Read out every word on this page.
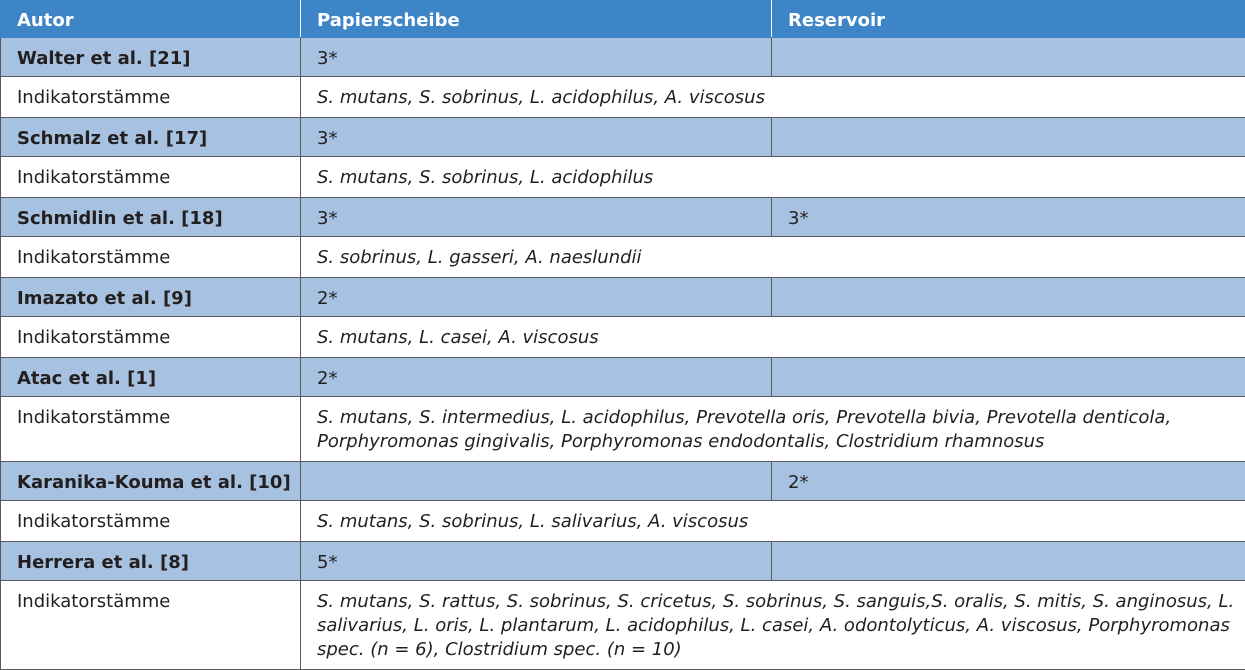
Autor	Papierscheibe	Reservoir
Walter et al. [21]	3*	
Indikatorstämme	S. mutans, S. sobrinus, L. acidophilus, A. viscosus	
Schmalz et al. [17]	3*	
Indikatorstämme	S. mutans, S. sobrinus, L. acidophilus	
Schmidlin et al. [18]	3*	3*
Indikatorstämme	S. sobrinus, L. gasseri, A. naeslundii	
Imazato et al. [9]	2*	
Indikatorstämme	S. mutans, L. casei, A. viscosus	
Atac et al. [1]	2*	
Indikatorstämme	S. mutans, S. intermedius, L. acidophilus, Prevotella oris, Prevotella bivia, Prevotella denticola, Porphyromonas gingivalis, Porphyromonas endodontalis, Clostridium rhamnosus	
Karanika-Kouma et al. [10]		2*
Indikatorstämme	S. mutans, S. sobrinus, L. salivarius, A. viscosus	
Herrera et al. [8]	5*	
Indikatorstämme	S. mutans, S. rattus, S. sobrinus, S. cricetus, S. sobrinus, S. sanguis,S. oralis, S. mitis, S. anginosus, L. salivarius, L. oris, L. plantarum, L. acidophilus, L. casei, A. odontolyticus, A. viscosus, Porphyromonas spec. (n = 6), Clostridium spec. (n = 10)	
